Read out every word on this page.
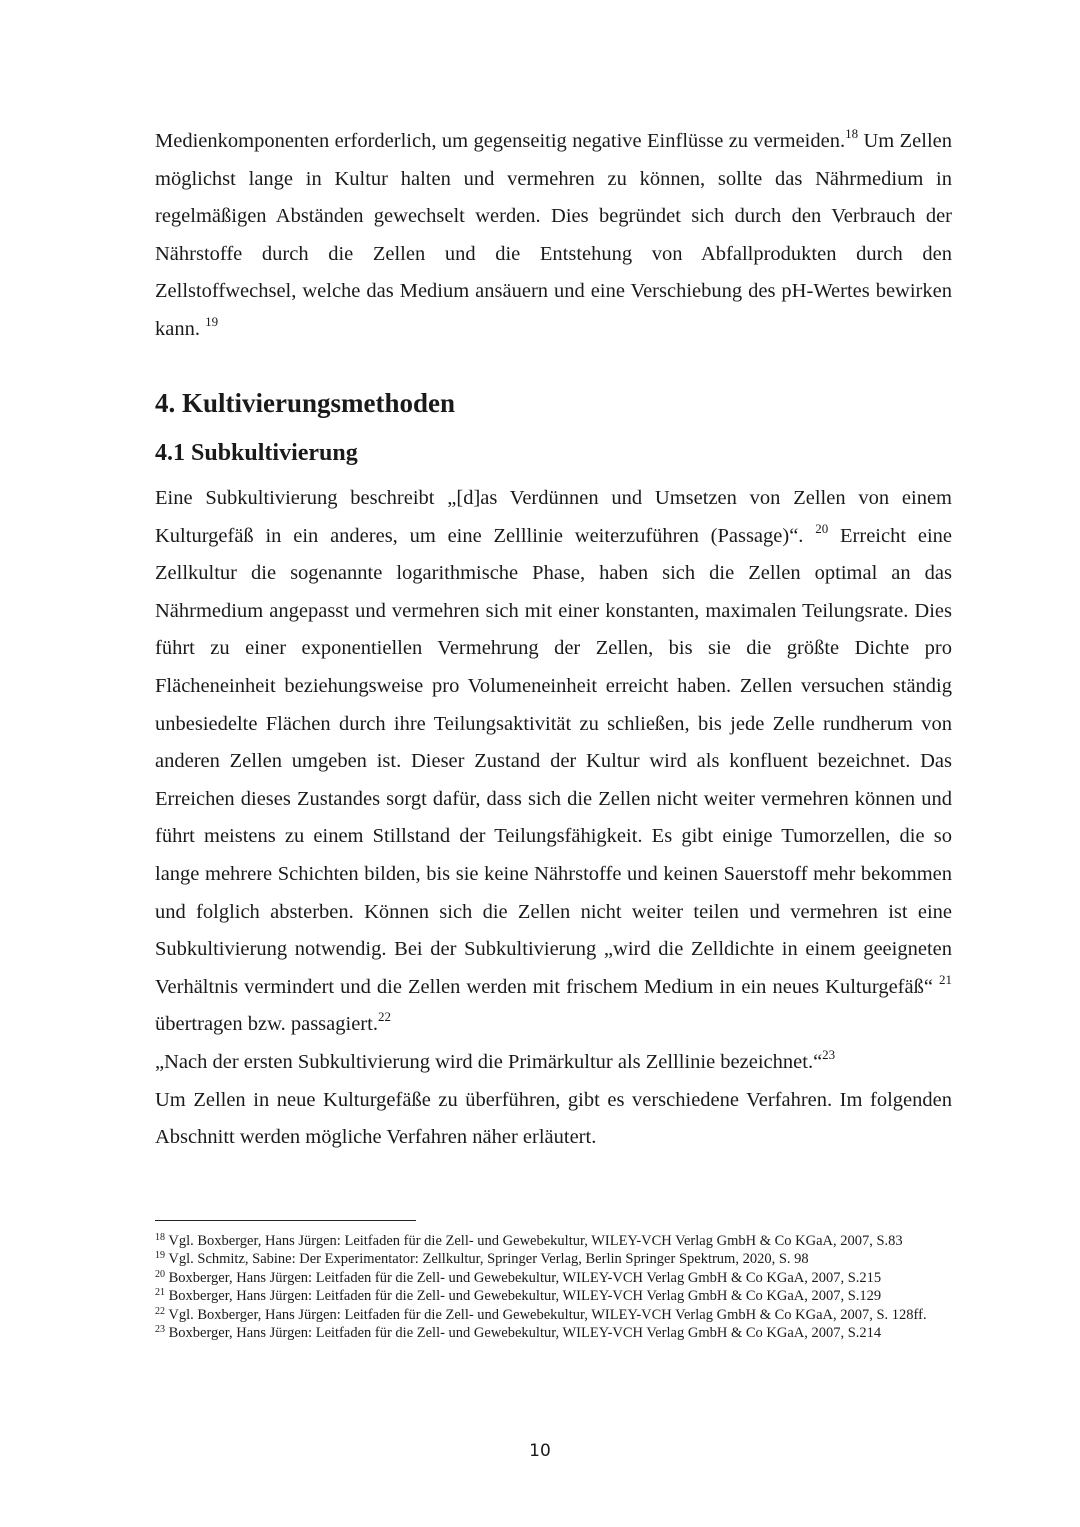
Medienkomponenten erforderlich, um gegenseitig negative Einflüsse zu vermeiden.$^{18}$ Um Zellen möglichst lange in Kultur halten und vermehren zu können, sollte das Nährmedium in regelmäßigen Abständen gewechselt werden. Dies begründet sich durch den Verbrauch der Nährstoffe durch die Zellen und die Entstehung von Abfallprodukten durch den Zellstoffwechsel, welche das Medium ansäuern und eine Verschiebung des pH-Wertes bewirken kann. $^{19}$

4. Kultivierungsmethoden
4.1 Subkultivierung

Eine Subkultivierung beschreibt „[d]as Verdünnen und Umsetzen von Zellen von einem Kulturgefäß in ein anderes, um eine Zelllinie weiterzuführen (Passage)“. $^{20}$ Erreicht eine Zellkultur die sogenannte logarithmische Phase, haben sich die Zellen optimal an das Nährmedium angepasst und vermehren sich mit einer konstanten, maximalen Teilungsrate. Dies führt zu einer exponentiellen Vermehrung der Zellen, bis sie die größte Dichte pro Flächeneinheit beziehungsweise pro Volumeneinheit erreicht haben. Zellen versuchen ständig unbesiedelte Flächen durch ihre Teilungsaktivität zu schließen, bis jede Zelle rundherum von anderen Zellen umgeben ist. Dieser Zustand der Kultur wird als konfluent bezeichnet. Das Erreichen dieses Zustandes sorgt dafür, dass sich die Zellen nicht weiter vermehren können und führt meistens zu einem Stillstand der Teilungsfähigkeit. Es gibt einige Tumorzellen, die so lange mehrere Schichten bilden, bis sie keine Nährstoffe und keinen Sauerstoff mehr bekommen und folglich absterben. Können sich die Zellen nicht weiter teilen und vermehren ist eine Subkultivierung notwendig. Bei der Subkultivierung „wird die Zelldichte in einem geeigneten Verhältnis vermindert und die Zellen werden mit frischem Medium in ein neues Kulturgefäß“ $^{21}$ übertragen bzw. passagiert.$^{22}$

„Nach der ersten Subkultivierung wird die Primärkultur als Zelllinie bezeichnet.“$^{23}$

Um Zellen in neue Kulturgefäße zu überführen, gibt es verschiedene Verfahren. Im folgenden Abschnitt werden mögliche Verfahren näher erläutert.

$^{18}$ Vgl. Boxberger, Hans Jürgen: Leitfaden für die Zell- und Gewebekultur, WILEY-VCH Verlag GmbH & Co KGaA, 2007, S.83

$^{19}$ Vgl. Schmitz, Sabine: Der Experimentator: Zellkultur, Springer Verlag, Berlin Springer Spektrum, 2020, S. 98

$^{20}$ Boxberger, Hans Jürgen: Leitfaden für die Zell- und Gewebekultur, WILEY-VCH Verlag GmbH & Co KGaA, 2007, S.215

$^{21}$ Boxberger, Hans Jürgen: Leitfaden für die Zell- und Gewebekultur, WILEY-VCH Verlag GmbH & Co KGaA, 2007, S.129

$^{22}$ Vgl. Boxberger, Hans Jürgen: Leitfaden für die Zell- und Gewebekultur, WILEY-VCH Verlag GmbH & Co KGaA, 2007, S. 128ff.

$^{23}$ Boxberger, Hans Jürgen: Leitfaden für die Zell- und Gewebekultur, WILEY-VCH Verlag GmbH & Co KGaA, 2007, S.214

10
